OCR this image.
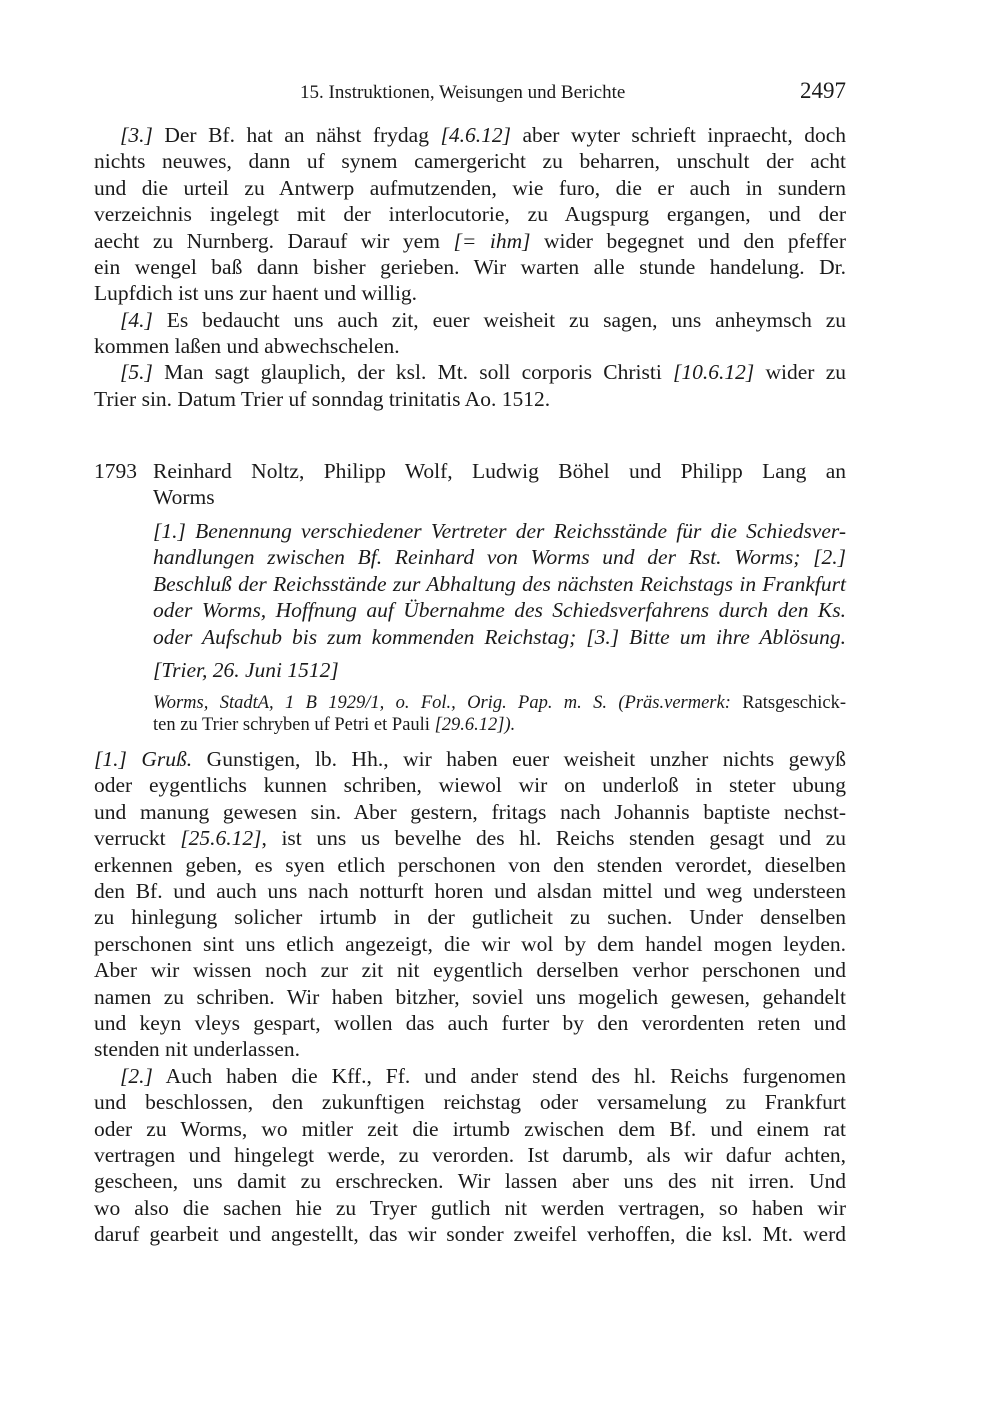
15. Instruktionen, Weisungen und Berichte	2497
[3.] Der Bf. hat an nähst frydag [4.6.12] aber wyter schrieft inpraecht, doch
nichts neuwes, dann uf synem camergericht zu beharren, unschult der acht
und die urteil zu Antwerp aufmutzenden, wie furo, die er auch in sundern
verzeichnis ingelegt mit der interlocutorie, zu Augspurg ergangen, und der
aecht zu Nurnberg. Darauf wir yem [= ihm] wider begegnet und den pfeffer
ein wengel baß dann bisher gerieben. Wir warten alle stunde handelung. Dr.
Lupfdich ist uns zur haent und willig.
[4.] Es bedaucht uns auch zit, euer weisheit zu sagen, uns anheymsch zu
kommen laßen und abwechschelen.
[5.] Man sagt glauplich, der ksl. Mt. soll corporis Christi [10.6.12] wider zu
Trier sin. Datum Trier uf sonndag trinitatis Ao. 1512.
1793 Reinhard Noltz, Philipp Wolf, Ludwig Böhel und Philipp Lang an
Worms
[1.] Benennung verschiedener Vertreter der Reichsstände für die Schiedsver-
handlungen zwischen Bf. Reinhard von Worms und der Rst. Worms; [2.]
Beschluß der Reichsstände zur Abhaltung des nächsten Reichstags in Frankfurt
oder Worms, Hoffnung auf Übernahme des Schiedsverfahrens durch den Ks.
oder Aufschub bis zum kommenden Reichstag; [3.] Bitte um ihre Ablösung.
[Trier, 26. Juni 1512]
Worms, StadtA, 1 B 1929/1, o. Fol., Orig. Pap. m. S. (Präs.vermerk: Ratsgeschick-
ten zu Trier schryben uf Petri et Pauli [29.6.12]).
[1.] Gruß. Gunstigen, lb. Hh., wir haben euer weisheit unzher nichts gewyß
oder eygentlichs kunnen schriben, wiewol wir on underloß in steter ubung
und manung gewesen sin. Aber gestern, fritags nach Johannis baptiste nechst-
verruckt [25.6.12], ist uns us bevelhe des hl. Reichs stenden gesagt und zu
erkennen geben, es syen etlich perschonen von den stenden verordet, dieselben
den Bf. und auch uns nach notturft horen und alsdan mittel und weg understeen
zu hinlegung solicher irtumb in der gutlicheit zu suchen. Under denselben
perschonen sint uns etlich angezeigt, die wir wol by dem handel mogen leyden.
Aber wir wissen noch zur zit nit eygentlich derselben verhor perschonen und
namen zu schriben. Wir haben bitzher, soviel uns mogelich gewesen, gehandelt
und keyn vleys gespart, wollen das auch furter by den verordenten reten und
stenden nit underlassen.
[2.] Auch haben die Kff., Ff. und ander stend des hl. Reichs furgenomen
und beschlossen, den zukunftigen reichstag oder versamelung zu Frankfurt
oder zu Worms, wo mitler zeit die irtumb zwischen dem Bf. und einem rat
vertragen und hingelegt werde, zu verorden. Ist darumb, als wir dafur achten,
gescheen, uns damit zu erschrecken. Wir lassen aber uns des nit irren. Und
wo also die sachen hie zu Tryer gutlich nit werden vertragen, so haben wir
daruf gearbeit und angestellt, das wir sonder zweifel verhoffen, die ksl. Mt. werd
